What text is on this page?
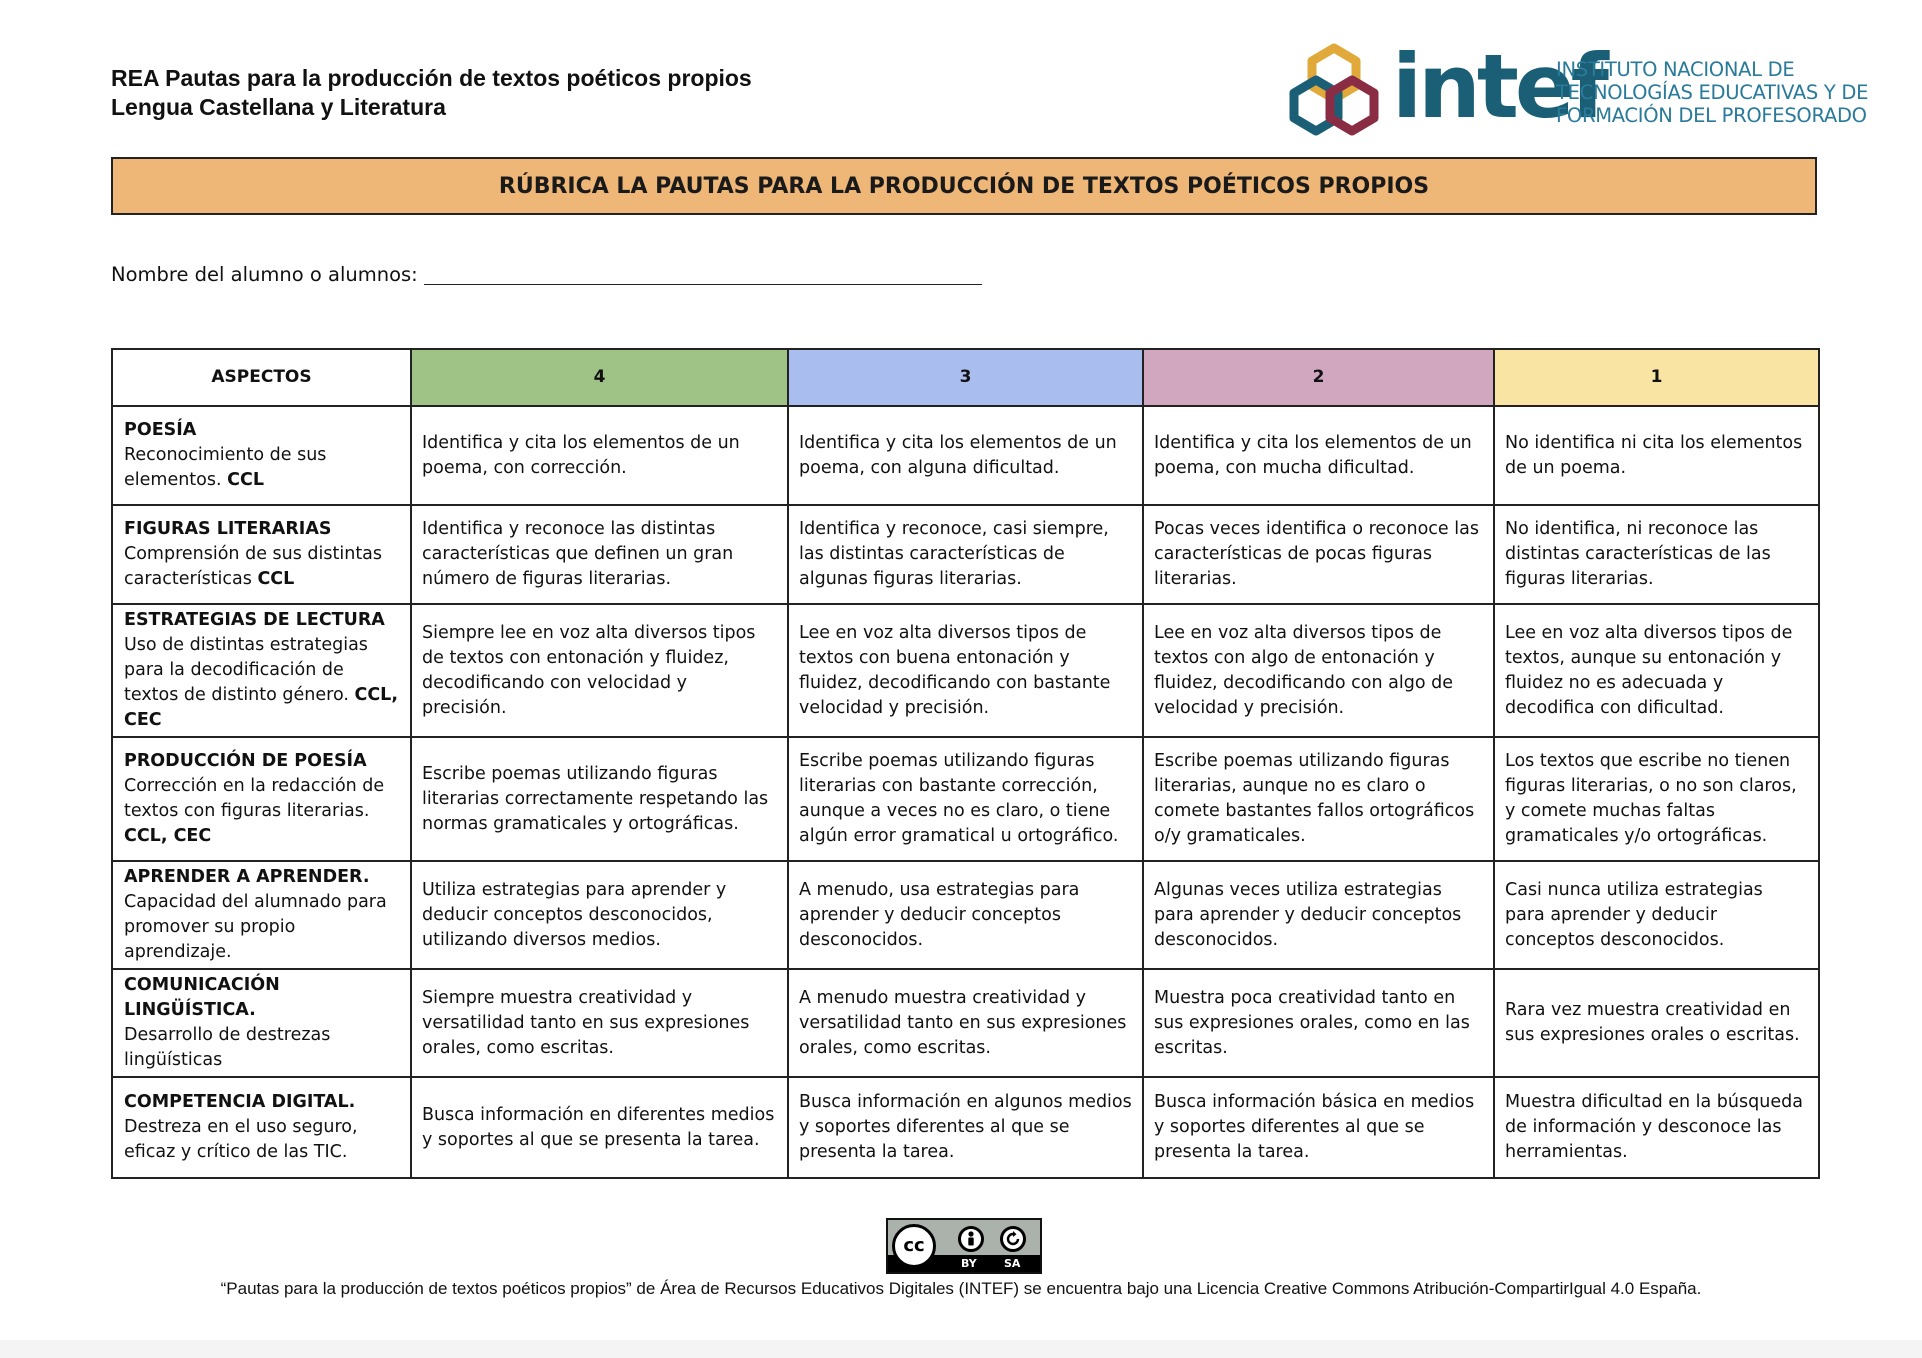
REA Pautas para la producción de textos poéticos propios
Lengua Castellana y Literatura	intef
INSTITUTO NACIONAL DE
TECNOLOGÍAS EDUCATIVAS Y DE
FORMACIÓN DEL PROFESORADO
RÚBRICA LA PAUTAS PARA LA PRODUCCIÓN DE TEXTOS POÉTICOS PROPIOS
Nombre del alumno o alumnos:
ASPECTOS	4	3	2	1

POESÍA
Reconocimiento de sus elementos. CCL	Identifica y cita los elementos de un poema, con corrección.	Identifica y cita los elementos de un poema, con alguna dificultad.	Identifica y cita los elementos de un poema, con mucha dificultad.	No identifica ni cita los elementos de un poema.

FIGURAS LITERARIAS
Comprensión de sus distintas características CCL	Identifica y reconoce las distintas características que definen un gran número de figuras literarias.	Identifica y reconoce, casi siempre, las distintas características de algunas figuras literarias.	Pocas veces identifica o reconoce las características de pocas figuras literarias.	No identifica, ni reconoce las distintas características de las figuras literarias.

ESTRATEGIAS DE LECTURA
Uso de distintas estrategias para la decodificación de textos de distinto género. CCL, CEC	Siempre lee en voz alta diversos tipos de textos con entonación y fluidez, decodificando con velocidad y precisión.	Lee en voz alta diversos tipos de textos con buena entonación y fluidez, decodificando con bastante velocidad y precisión.	Lee en voz alta diversos tipos de textos con algo de entonación y fluidez, decodificando con algo de velocidad y precisión.	Lee en voz alta diversos tipos de textos, aunque su entonación y fluidez no es adecuada y decodifica con dificultad.

PRODUCCIÓN DE POESÍA
Corrección en la redacción de textos con figuras literarias. CCL, CEC	Escribe poemas utilizando figuras literarias correctamente respetando las normas gramaticales y ortográficas.	Escribe poemas utilizando figuras literarias con bastante corrección, aunque a veces no es claro, o tiene algún error gramatical u ortográfico.	Escribe poemas utilizando figuras literarias, aunque no es claro o comete bastantes fallos ortográficos o/y gramaticales.	Los textos que escribe no tienen figuras literarias, o no son claros, y comete muchas faltas gramaticales y/o ortográficas.

APRENDER A APRENDER.
Capacidad del alumnado para promover su propio aprendizaje.	Utiliza estrategias para aprender y deducir conceptos desconocidos, utilizando diversos medios.	A menudo, usa estrategias para aprender y deducir conceptos desconocidos.	Algunas veces utiliza estrategias para aprender y deducir conceptos desconocidos.	Casi nunca utiliza estrategias para aprender y deducir conceptos desconocidos.

COMUNICACIÓN LINGÜÍSTICA.
Desarrollo de destrezas lingüísticas	Siempre muestra creatividad y versatilidad tanto en sus expresiones orales, como escritas.	A menudo muestra creatividad y versatilidad tanto en sus expresiones orales, como escritas.	Muestra poca creatividad tanto en sus expresiones orales, como en las escritas.	Rara vez muestra creatividad en sus expresiones orales o escritas.

COMPETENCIA DIGITAL.
Destreza en el uso seguro, eficaz y crítico de las TIC.	Busca información en diferentes medios y soportes al que se presenta la tarea.	Busca información en algunos medios y soportes diferentes al que se presenta la tarea.	Busca información básica en medios y soportes diferentes al que se presenta la tarea.	Muestra dificultad en la búsqueda de información y desconoce las herramientas.
cc
BY SA
“Pautas para la producción de textos poéticos propios” de Área de Recursos Educativos Digitales (INTEF) se encuentra bajo una Licencia Creative Commons Atribución-CompartirIgual 4.0 España.
